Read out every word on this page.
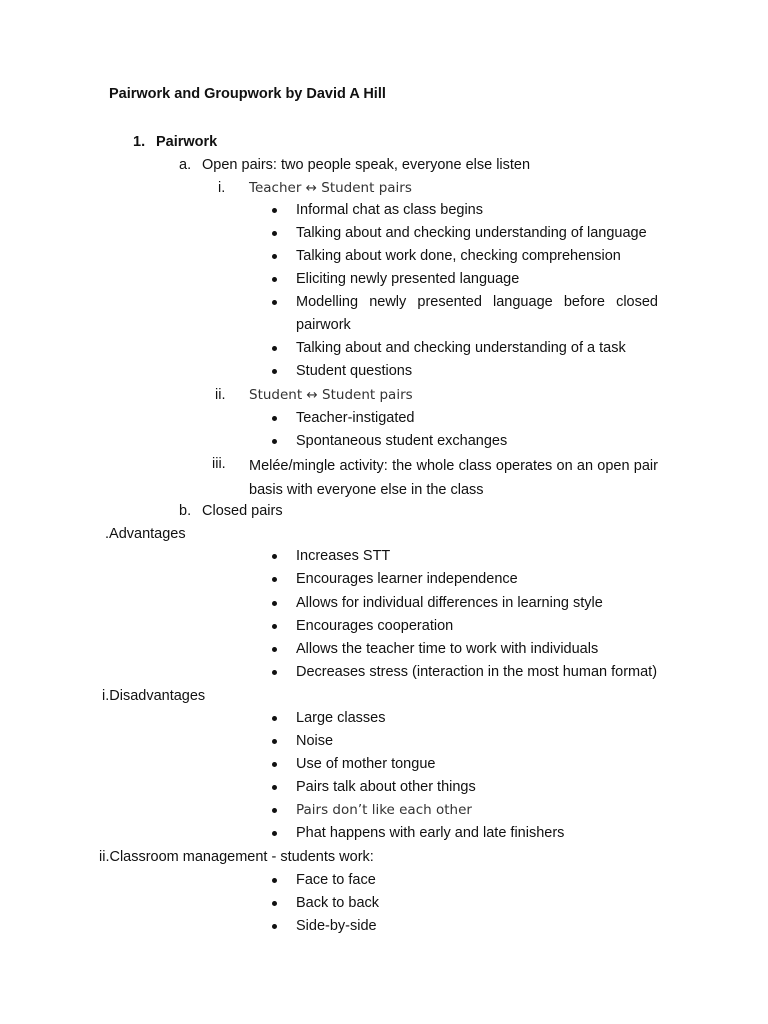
Pairwork and Groupwork by David A Hill
1. Pairwork
a. Open pairs: two people speak, everyone else listen
i. Teacher ↔ Student pairs
Informal chat as class begins
Talking about and checking understanding of language
Talking about work done, checking comprehension
Eliciting newly presented language
Modelling newly presented language before closed pairwork
Talking about and checking understanding of a task
Student questions
ii. Student ↔ Student pairs
Teacher-instigated
Spontaneous student exchanges
iii. Melée/mingle activity: the whole class operates on an open pair basis with everyone else in the class
b. Closed pairs
.Advantages
Increases STT
Encourages learner independence
Allows for individual differences in learning style
Encourages cooperation
Allows the teacher time to work with individuals
Decreases stress (interaction in the most human format)
i.Disadvantages
Large classes
Noise
Use of mother tongue
Pairs talk about other things
Pairs don’t like each other
Phat happens with early and late finishers
ii.Classroom management - students work:
Face to face
Back to back
Side-by-side
